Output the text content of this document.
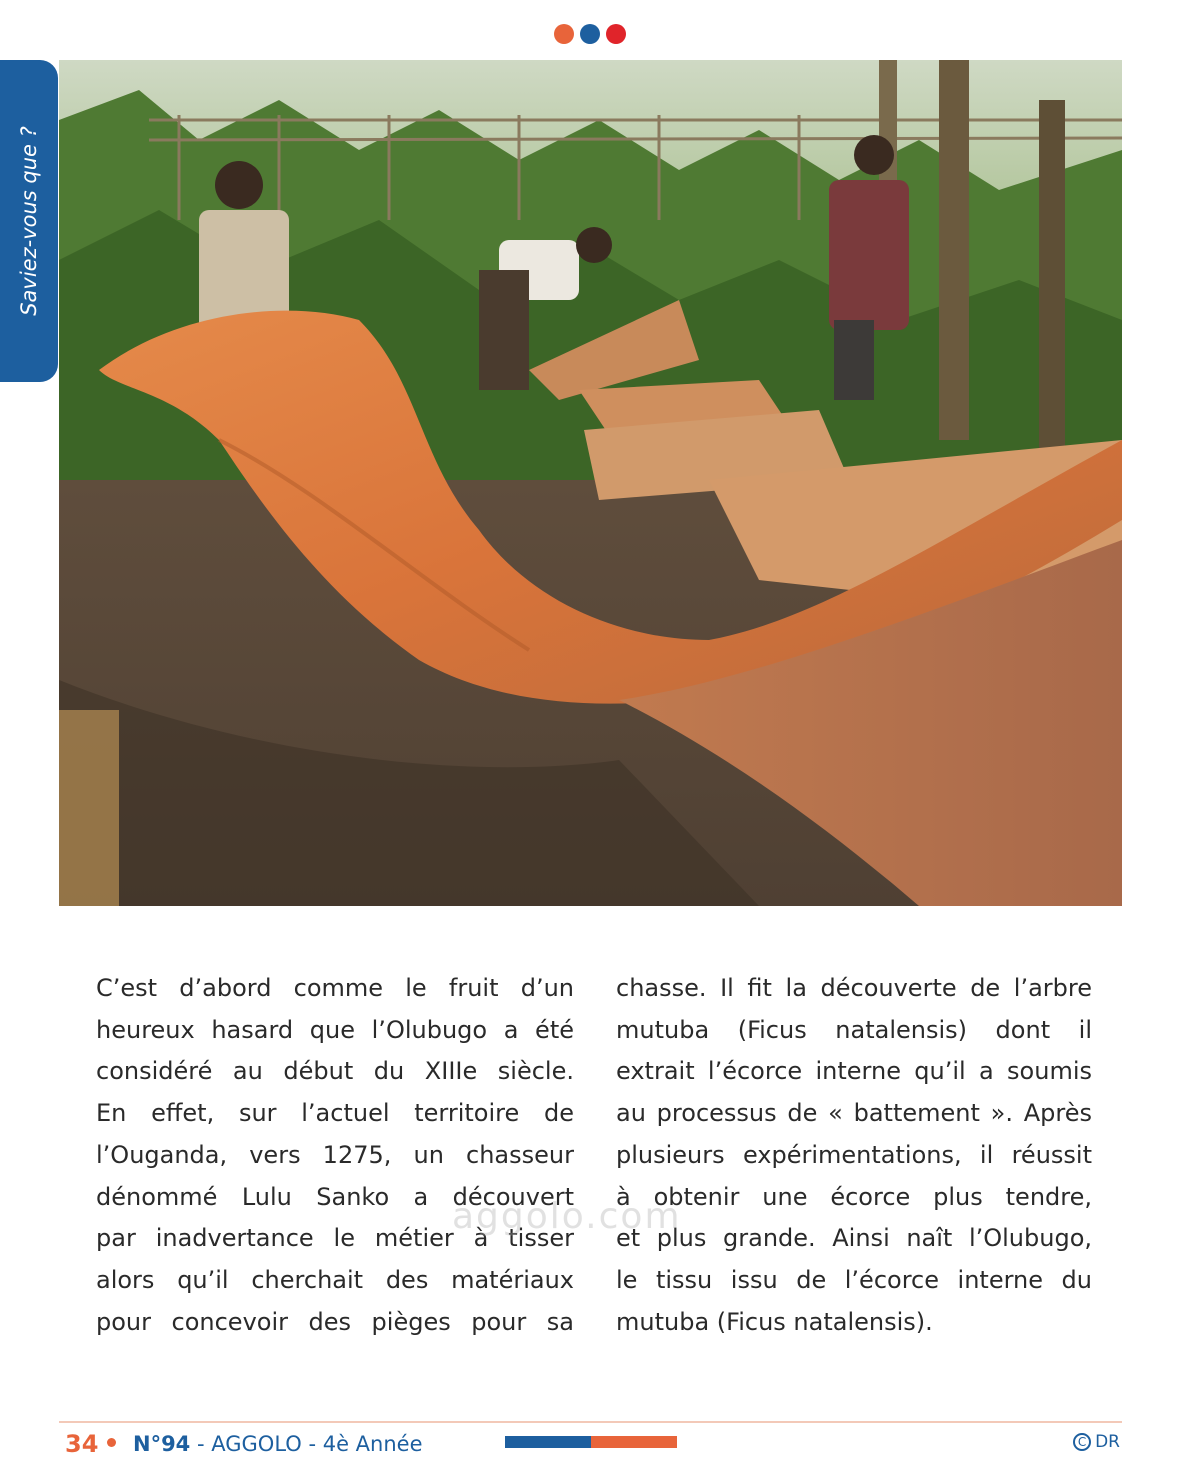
Saviez-vous que ?
C’est d’abord comme le fruit d’un
heureux hasard que l’Olubugo a été
considéré au début du XIIIe siècle.
En effet, sur l’actuel territoire de
l’Ouganda, vers 1275, un chasseur
dénommé Lulu Sanko a découvert
par inadvertance le métier à tisser
alors qu’il cherchait des matériaux
pour concevoir des pièges pour sa
chasse. Il fit la découverte de l’arbre
mutuba (Ficus natalensis) dont il
extrait l’écorce interne qu’il a soumis
au processus de « battement ». Après
plusieurs expérimentations, il réussit
à obtenir une écorce plus tendre,
et plus grande. Ainsi naît l’Olubugo,
le tissu issu de l’écorce interne du
mutuba (Ficus natalensis).
aggolo.com
34 N°94 - AGGOLO - 4è Année	C DR
